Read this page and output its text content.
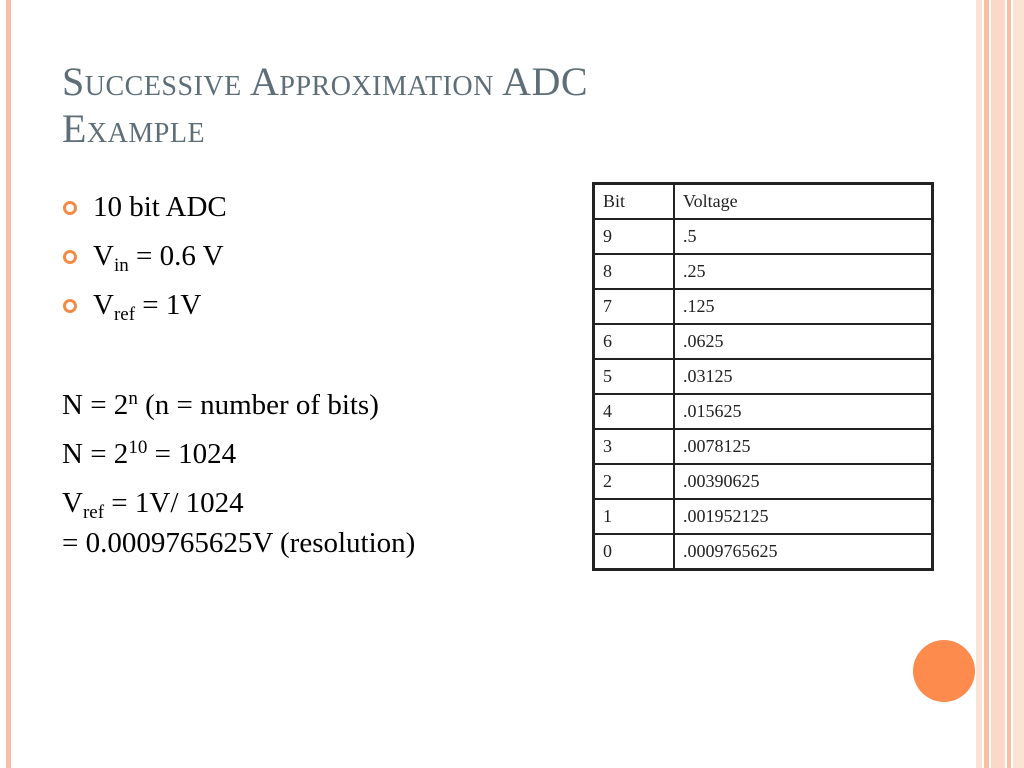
Successive Approximation ADC
Example
10 bit ADC
$V_{in} = 0.6$ V
$V_{ref} = 1V$
$N = 2^n$ (n = number of bits)
$N = 2^{10} = 1024$
$V_{ref} = 1V/$ 1024
= 0.0009765625V (resolution)
Bit	Voltage
9	.5
8	.25
7	.125
6	.0625
5	.03125
4	.015625
3	.0078125
2	.00390625
1	.001952125
0	.0009765625
